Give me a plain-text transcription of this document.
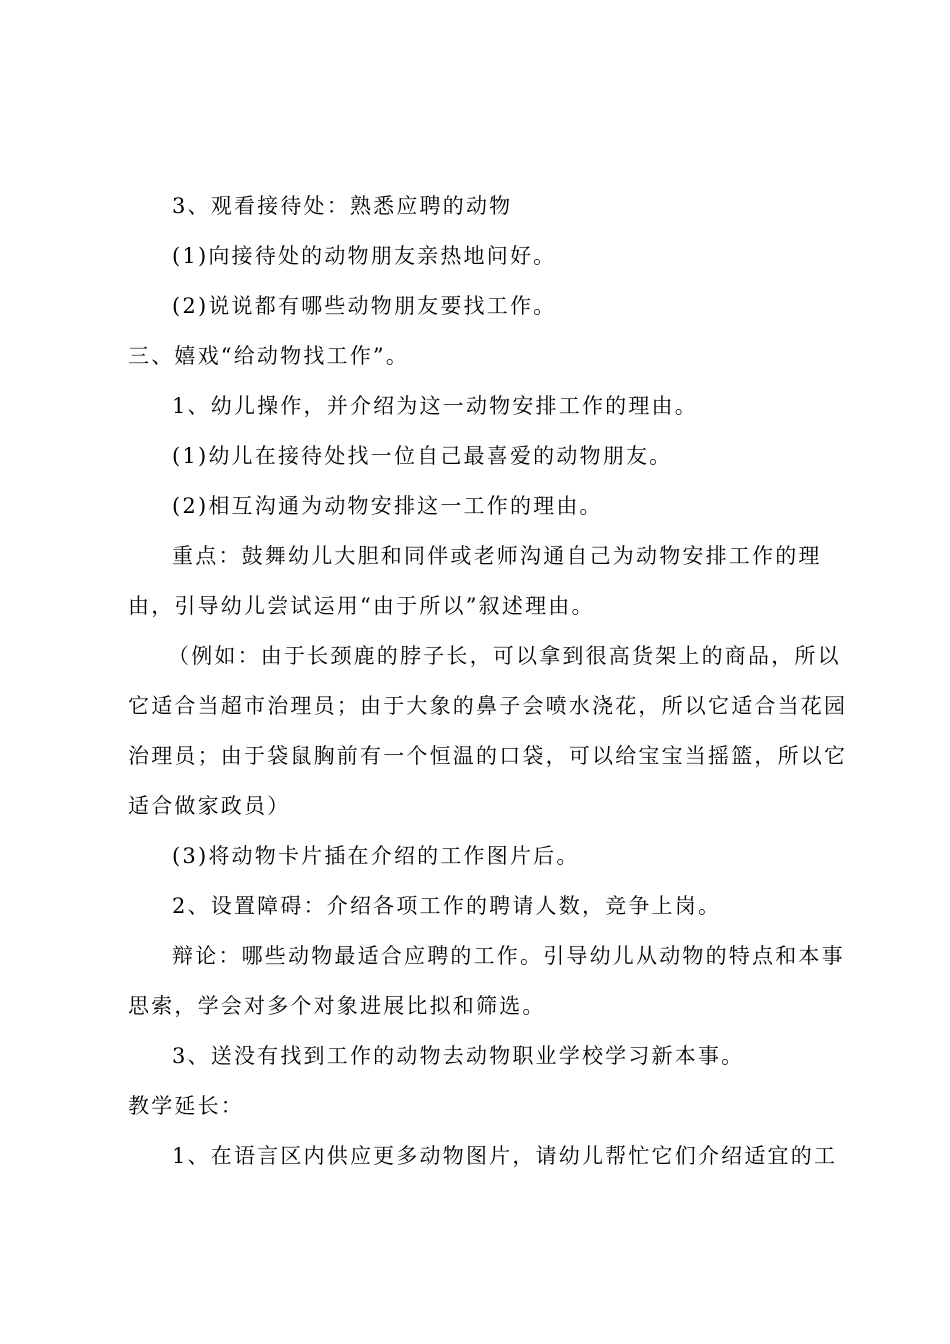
3、观看接待处：熟悉应聘的动物
(1)向接待处的动物朋友亲热地问好。
(2)说说都有哪些动物朋友要找工作。
三、嬉戏“给动物找工作”。
1、幼儿操作，并介绍为这一动物安排工作的理由。
(1)幼儿在接待处找一位自己最喜爱的动物朋友。
(2)相互沟通为动物安排这一工作的理由。
重点：鼓舞幼儿大胆和同伴或老师沟通自己为动物安排工作的理
由，引导幼儿尝试运用“由于所以”叙述理由。
（例如：由于长颈鹿的脖子长，可以拿到很高货架上的商品，所以
它适合当超市治理员；由于大象的鼻子会喷水浇花，所以它适合当花园
治理员；由于袋鼠胸前有一个恒温的口袋，可以给宝宝当摇篮，所以它
适合做家政员）
(3)将动物卡片插在介绍的工作图片后。
2、设置障碍：介绍各项工作的聘请人数，竞争上岗。
辩论：哪些动物最适合应聘的工作。引导幼儿从动物的特点和本事
思索，学会对多个对象进展比拟和筛选。
3、送没有找到工作的动物去动物职业学校学习新本事。
教学延长：
1、在语言区内供应更多动物图片，请幼儿帮忙它们介绍适宜的工
